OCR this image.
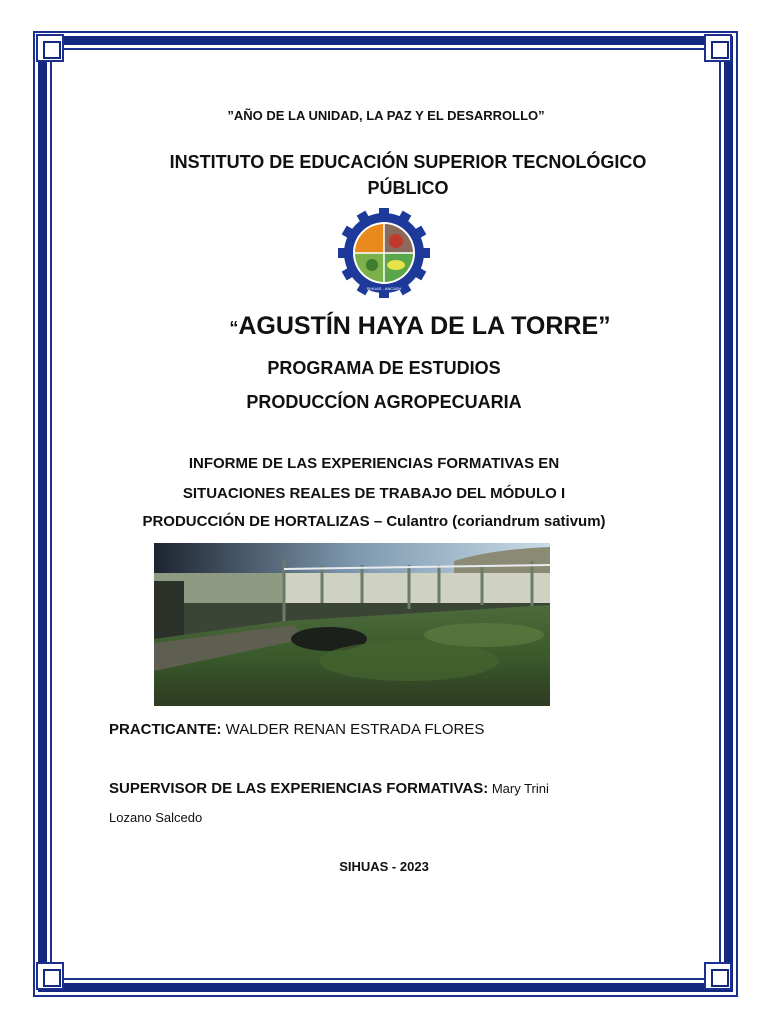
”AÑO DE LA UNIDAD, LA PAZ Y EL DESARROLLO”
INSTITUTO DE EDUCACIÓN SUPERIOR TECNOLÓGICO
PÚBLICO
SIHUAS - ANCASH
“AGUSTÍN HAYA DE LA TORRE”
PROGRAMA DE ESTUDIOS
PRODUCCÍON AGROPECUARIA
INFORME DE LAS EXPERIENCIAS FORMATIVAS EN
SITUACIONES REALES DE TRABAJO DEL MÓDULO I
PRODUCCIÓN DE HORTALIZAS – Culantro (coriandrum sativum)
PRACTICANTE: WALDER RENAN ESTRADA FLORES
SUPERVISOR DE LAS EXPERIENCIAS FORMATIVAS: Mary Trini
Lozano Salcedo
SIHUAS - 2023
